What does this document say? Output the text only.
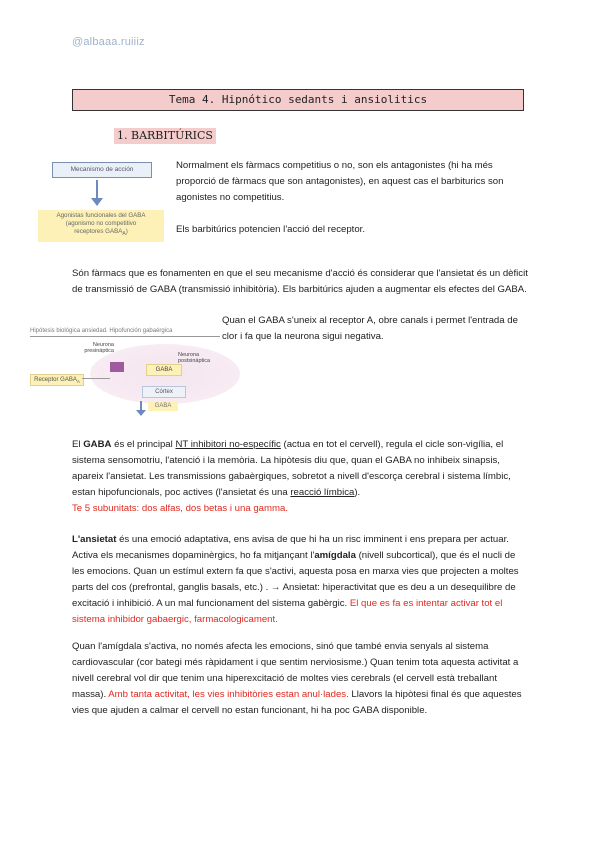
@albaaa.ruiiiz
Tema 4. Hipnótico sedants i ansiolitics
1. BARBITÚRICS
Mecanismo de acción
Agonistas funcionales del GABA
(agonismo no competitivo
receptores $GABA_A$)

Normalment els fàrmacs competitius o no, son els antagonistes (hi ha més proporció de fàrmacs que son antagonistes), en aquest cas el barbiturics son agonistes no competitius.

Els barbitúrics potencien l'acció del receptor.

Són fàrmacs que es fonamenten en que el seu mecanisme d'acció és considerar que l'ansietat és un dèficit de transmissió de GABA (transmissió inhibitòria). Els barbitúrics ajuden a augmentar els efectes del GABA.

Hipótesis biológica ansiedad. Hipofunción gabaérgica
Neurona presináptica
Neurona postsináptica
GABA
Receptor $GABA_A$
Córtex
GABA

Quan el GABA s'uneix al receptor A, obre canals i permet l'entrada de clor i fa que la neurona sigui negativa.

El GABA és el principal NT inhibitori no-específic (actua en tot el cervell), regula el cicle son-vigília, el sistema sensomotriu, l'atenció i la memòria. La hipòtesis diu que, quan el GABA no inhibeix sinapsis, apareix l'ansietat. Les transmissions gabaèrgiques, sobretot a nivell d'escorça cerebral i sistema límbic, estan hipofuncionals, poc actives (l'ansietat és una reacció límbica).
Te 5 subunitats: dos alfas, dos betas i una gamma.
L'ansietat és una emoció adaptativa, ens avisa de que hi ha un risc imminent i ens prepara per actuar. Activa els mecanismes dopaminèrgics, ho fa mitjançant l'amígdala (nivell subcortical), que és el nucli de les emocions. Quan un estímul extern fa que s'activi, aquesta posa en marxa vies que projecten a moltes parts del cos (prefrontal, ganglis basals, etc.) . → Ansietat: hiperactivitat que es deu a un desequilibre de excitació i inhibició. A un mal funcionament del sistema gabèrgic. El que es fa es intentar activar tot el sistema inhibidor gabaergic, farmacologicament.
Quan l'amígdala s'activa, no només afecta les emocions, sinó que també envia senyals al sistema cardiovascular (cor bategi més ràpidament i que sentim nerviosisme.) Quan tenim tota aquesta activitat a nivell cerebral vol dir que tenim una hiperexcitació de moltes vies cerebrals (el cervell està treballant massa). Amb tanta activitat, les vies inhibitòries estan anul·lades. Llavors la hipòtesi final és que aquestes vies que ajuden a calmar el cervell no estan funcionant, hi ha poc GABA disponible.
